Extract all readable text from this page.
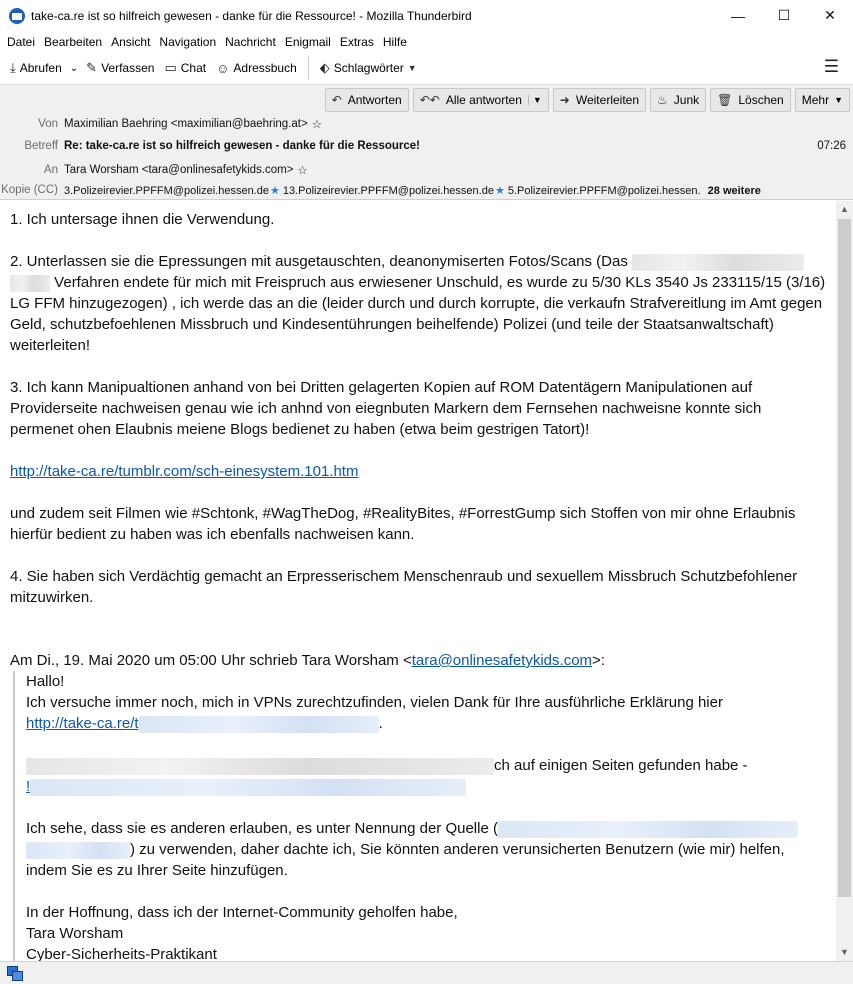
take-ca.re ist so hilfreich gewesen - danke für die Ressource! - Mozilla Thunderbird	—	☐	✕
Datei Bearbeiten Ansicht Navigation Nachricht Enigmail Extras Hilfe
⤓ Abrufen ⌄ ✎ Verfassen ▭ Chat ☺ Adressbuch ⬖ Schlagwörter ▼	☰
↶ Antworten ↶↶ Alle antworten	▼ ➜ Weiterleiten ♨ Junk 🗑 Löschen Mehr ▼
Von Maximilian Baehring <maximilian@baehring.at> ☆
Betreff Re: take-ca.re ist so hilfreich gewesen - danke für die Ressource!	07:26
An Tara Worsham <tara@onlinesafetykids.com> ☆
Kopie (CC) 3.Polizeirevier.PPFFM@polizei.hessen.de★ 13.Polizeirevier.PPFFM@polizei.hessen.de★ 5.Polizeirevier.PPFFM@polizei.hessen. 28 weitere
1. Ich untersage ihnen die Verwendung.
2. Unterlassen sie die Epressungen mit ausgetauschten, deanonymiserten Fotos/Scans (Das   Verfahren endete für mich mit Freispruch aus erwiesener Unschuld, es wurde zu 5/30 KLs 3540 Js 233115/15 (3/16) LG FFM hinzugezogen) , ich werde das an die (leider durch und durch korrupte, die verkaufn Strafvereitlung im Amt gegen Geld, schutzbefoehlenen Missbruch und Kindesentührungen beihelfende) Polizei (und teile der Staatsanwaltschaft) weiterleiten!
3. Ich kann Manipualtionen anhand von bei Dritten gelagerten Kopien auf ROM Datentägern Manipulationen auf Providerseite nachweisen genau wie ich anhnd von eiegnbuten Markern dem Fernsehen nachweisne konnte sich permenet ohen Elaubnis meiene Blogs bedienet zu haben (etwa beim gestrigen Tatort)!
http://take-ca.re/tumblr.com/sch-einesystem.101.htm
und zudem seit Filmen wie #Schtonk, #WagTheDog, #RealityBites, #ForrestGump sich Stoffen von mir ohne Erlaubnis hierfür bedient zu haben was ich ebenfalls nachweisen kann.
4. Sie haben sich Verdächtig gemacht an Erpresserischem Menschenraub und sexuellem Missbruch Schutzbefohlener mitzuwirken.
Am Di., 19. Mai 2020 um 05:00 Uhr schrieb Tara Worsham <tara@onlinesafetykids.com>:
Hallo!
Ich versuche immer noch, mich in VPNs zurechtzufinden, vielen Dank für Ihre ausführliche Erklärung hier
http://take-ca.re/t	.
ch auf einigen Seiten gefunden habe -
!
Ich sehe, dass sie es anderen erlauben, es unter Nennung der Quelle ( ) zu verwenden, daher dachte ich, Sie könnten anderen verunsicherten Benutzern (wie mir) helfen, indem Sie es zu Ihrer Seite hinzufügen.
In der Hoffnung, dass ich der Internet-Community geholfen habe,
Tara Worsham
Cyber-Sicherheits-Praktikant
▲
▼
